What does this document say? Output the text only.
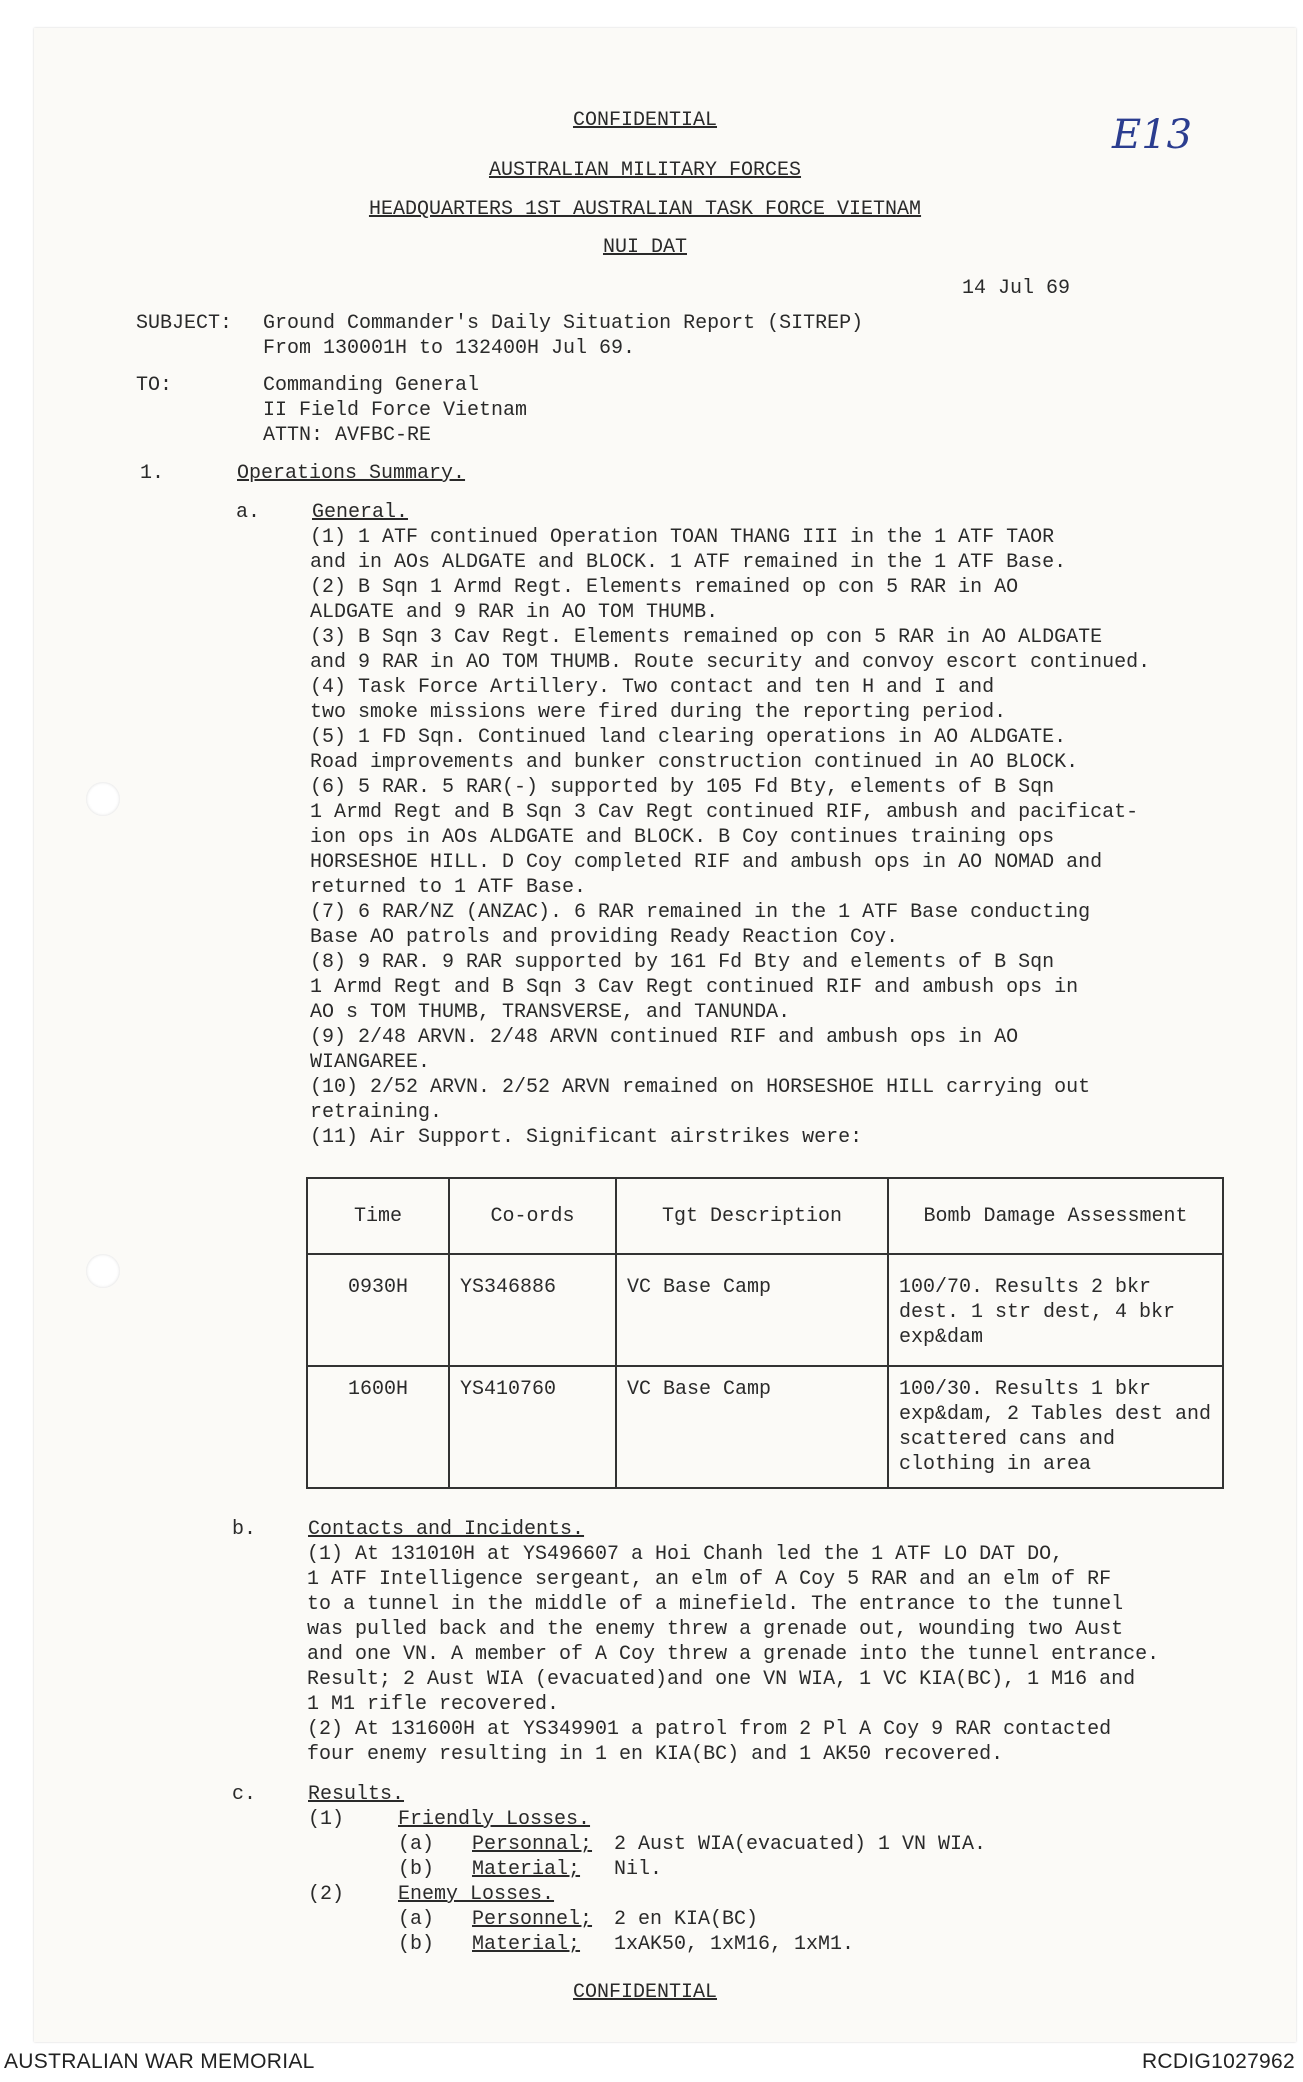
CONFIDENTIAL	E13
AUSTRALIAN MILITARY FORCES
HEADQUARTERS 1ST AUSTRALIAN TASK FORCE VIETNAM
NUI DAT
14 Jul 69
SUBJECT: Ground Commander's Daily Situation Report (SITREP)
From 130001H to 132400H Jul 69.
TO:	Commanding General
II Field Force Vietnam
ATTN: AVFBC-RE
1.	Operations Summary.
a.	General.
(1) 1 ATF continued Operation TOAN THANG III in the 1 ATF TAOR
and in AOs ALDGATE and BLOCK. 1 ATF remained in the 1 ATF Base.
(2) B Sqn 1 Armd Regt. Elements remained op con 5 RAR in AO
ALDGATE and 9 RAR in AO TOM THUMB.
(3) B Sqn 3 Cav Regt. Elements remained op con 5 RAR in AO ALDGATE
and 9 RAR in AO TOM THUMB. Route security and convoy escort continued.
(4) Task Force Artillery. Two contact and ten H and I and
two smoke missions were fired during the reporting period.
(5) 1 FD Sqn. Continued land clearing operations in AO ALDGATE.
Road improvements and bunker construction continued in AO BLOCK.
(6) 5 RAR. 5 RAR(-) supported by 105 Fd Bty, elements of B Sqn
1 Armd Regt and B Sqn 3 Cav Regt continued RIF, ambush and pacificat-
ion ops in AOs ALDGATE and BLOCK. B Coy continues training ops
HORSESHOE HILL. D Coy completed RIF and ambush ops in AO NOMAD and
returned to 1 ATF Base.
(7) 6 RAR/NZ (ANZAC). 6 RAR remained in the 1 ATF Base conducting
Base AO patrols and providing Ready Reaction Coy.
(8) 9 RAR. 9 RAR supported by 161 Fd Bty and elements of B Sqn
1 Armd Regt and B Sqn 3 Cav Regt continued RIF and ambush ops in
AO s TOM THUMB, TRANSVERSE, and TANUNDA.
(9) 2/48 ARVN. 2/48 ARVN continued RIF and ambush ops in AO
WIANGAREE.
(10) 2/52 ARVN. 2/52 ARVN remained on HORSESHOE HILL carrying out
retraining.
(11) Air Support. Significant airstrikes were:
Time	Co-ords	Tgt Description	Bomb Damage Assessment
0930H	YS346886	VC Base Camp	100/70. Results 2 bkr dest. 1 str dest, 4 bkr exp&dam
1600H	YS410760	VC Base Camp	100/30. Results 1 bkr exp&dam, 2 Tables dest and scattered cans and clothing in area
b.	Contacts and Incidents.
(1) At 131010H at YS496607 a Hoi Chanh led the 1 ATF LO DAT DO,
1 ATF Intelligence sergeant, an elm of A Coy 5 RAR and an elm of RF
to a tunnel in the middle of a minefield. The entrance to the tunnel
was pulled back and the enemy threw a grenade out, wounding two Aust
and one VN. A member of A Coy threw a grenade into the tunnel entrance.
Result; 2 Aust WIA (evacuated)and one VN WIA, 1 VC KIA(BC), 1 M16 and
1 M1 rifle recovered.
(2) At 131600H at YS349901 a patrol from 2 Pl A Coy 9 RAR contacted
four enemy resulting in 1 en KIA(BC) and 1 AK50 recovered.
c.	Results.
(1)	Friendly Losses.
(a) Personnal; 2 Aust WIA(evacuated) 1 VN WIA.
(b) Material; Nil.
(2)	Enemy Losses.
(a) Personnel; 2 en KIA(BC)
(b) Material; 1xAK50, 1xM16, 1xM1.
CONFIDENTIAL
AUSTRALIAN WAR MEMORIAL	RCDIG1027962
